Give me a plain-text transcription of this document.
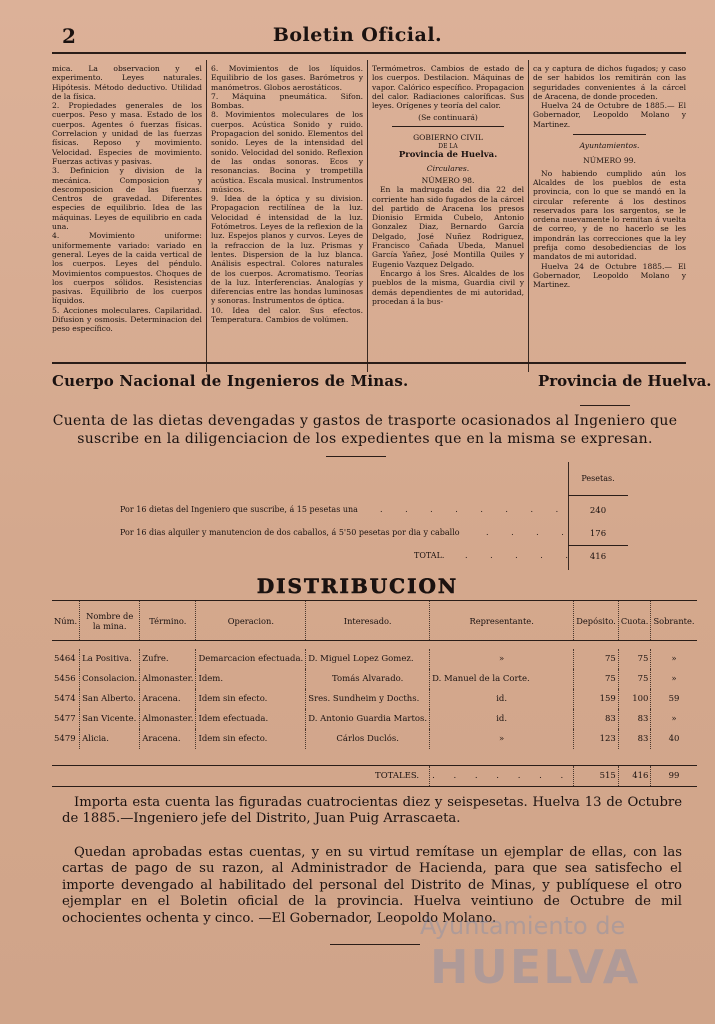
2	Boletin Oficial.

mica. La observacion y el experimento. Leyes naturales. Hipótesis. Método deductivo. Utilidad de la física.

2. Propiedades generales de los cuerpos. Peso y masa. Estado de los cuerpos. Agentes ó fuerzas físicas. Correlacion y unidad de las fuerzas físicas. Reposo y movimiento. Velocidad. Especies de movimiento. Fuerzas activas y pasivas.

3. Definicion y division de la mecánica. Composicion y descomposicion de las fuerzas. Centros de gravedad. Diferentes especies de equilibrio. Idea de las máquinas. Leyes de equilibrio en cada una.

4. Movimiento uniforme: uniformemente variado: variado en general. Leyes de la caida vertical de los cuerpos. Leyes del péndulo. Movimientos compuestos. Choques de los cuerpos sólidos. Resistencias pasivas. Equilibrio de los cuerpos líquidos.

5. Acciones moleculares. Capilaridad. Difusion y osmosis. Determinacion del peso específico.

6. Movimientos de los líquidos. Equilibrio de los gases. Barómetros y manómetros. Globos aerostáticos.

7. Máquina pneumática. Sifon. Bombas.

8. Movimientos moleculares de los cuerpos. Acústica Sonido y ruido. Propagacion del sonido. Elementos del sonido. Leyes de la intensidad del sonido. Velocidad del sonido. Reflexion de las ondas sonoras. Ecos y resonancias. Bocina y trompetilla acústica. Escala musical. Instrumentos músicos.

9. Idea de la óptica y su division. Propagacion rectilínea de la luz. Velocidad é intensidad de la luz. Fotómetros. Leyes de la reflexion de la luz. Espejos planos y curvos. Leyes de la refraccion de la luz. Prismas y lentes. Dispersion de la luz blanca. Análisis espectral. Colores naturales de los cuerpos. Acromatismo. Teorías de la luz. Interferencias. Analogías y diferencias entre las hondas luminosas y sonoras. Instrumentos de óptica.

10. Idea del calor. Sus efectos. Temperatura. Cambios de volúmen.

Termómetros. Cambios de estado de los cuerpos. Destilacion. Máquinas de vapor. Calórico específico. Propagacion del calor. Radiaciones caloríficas. Sus leyes. Orígenes y teoría del calor.

(Se continuará)

GOBIERNO CIVIL

DE LA

Provincia de Huelva.

Circulares.

NÚMERO 98.

En la madrugada del dia 22 del corriente han sido fugados de la cárcel del partido de Aracena los presos Dionisio Ermida Cubelo, Antonio Gonzalez Diaz, Bernardo García Delgado, José Nuñez Rodriguez, Francisco Cañada Ubeda, Manuel García Yañez, José Montilla Quiles y Eugenio Vazquez Delgado.

Encargo á los Sres. Alcaldes de los pueblos de la misma, Guardia civil y demás dependientes de mi autoridad, procedan á la bus-

ca y captura de dichos fugados; y caso de ser habidos los remitirán con las seguridades convenientes á la cárcel de Aracena, de donde proceden.

Huelva 24 de Octubre de 1885.— El Gobernador, Leopoldo Molano y Martinez.

Ayuntamientos.

NÚMERO 99.

No habiendo cumplido aún los Alcaldes de los pueblos de esta provincia, con lo que se mandó en la circular referente á los destinos reservados para los sargentos, se le ordena nuevamente lo remitan á vuelta de correo, y de no hacerlo se les impondrán las correcciones que la ley prefija como desobediencias de los mandatos de mi autoridad.

Huelva 24 de Octubre 1885.— El Gobernador, Leopoldo Molano y Martinez.

Cuerpo Nacional de Ingenieros de Minas.	Provincia de Huelva.
Cuenta de las dietas devengadas y gastos de trasporte ocasionados al Ingeniero que suscribe en la diligenciacion de los expedientes que en la misma se expresan.
Pesetas.
Por 16 dietas del Ingeniero que suscribe, á 15 pesetas una	. . . . . . . .	240
Por 16 dias alquiler y manutencion de dos caballos, á 5'50 pesetas por dia y caballo	. . . .	176
TOTAL.	. . . . .	416
DISTRIBUCION
Núm.	Nombre de la mina.	Término.	Operacion.	Interesado.	Representante.	Depósito.	Cuota.	Sobrante.

5464	La Positiva.	Zufre.	Demarcacion efectuada.	D. Miguel Lopez Gomez.	»	75	75	»
5456	Consolacion.	Almonaster.	Idem.	Tomás Alvarado.	D. Manuel de la Corte.	75	75	»
5474	San Alberto.	Aracena.	Idem sin efecto.	Sres. Sundheim y Docths.	id.	159	100	59
5477	San Vicente.	Almonaster.	Idem efectuada.	D. Antonio Guardia Martos.	id.	83	83	»
5479	Alicia.	Aracena.	Idem sin efecto.	Cárlos Duclós.	»	123	83	40

TOTALES.					. . . . . . .	515	416	99

Importa esta cuenta las figuradas cuatrocientas diez y seispesetas. Huelva 13 de Octubre de 1885.—Ingeniero jefe del Distrito, Juan Puig Arrascaeta.

Quedan aprobadas estas cuentas, y en su virtud remítase un ejemplar de ellas, con las cartas de pago de su razon, al Administrador de Hacienda, para que sea satisfecho el importe devengado al habilitado del personal del Distrito de Minas, y publíquese el otro ejemplar en el Boletin oficial de la provincia. Huelva veintiuno de Octubre de mil ochocientes ochenta y cinco. —El Gobernador, Leopoldo Molano.

Ayuntamiento de
HUELVA
